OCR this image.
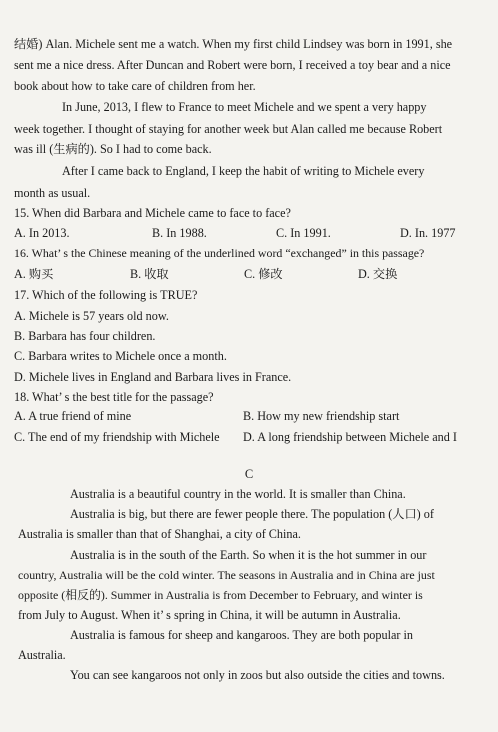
结婚) Alan. Michele sent me a watch. When my first child Lindsey was born in 1991, she
sent me a nice dress. After Duncan and Robert were born, I received a toy bear and a nice
book about how to take care of children from her.
In June, 2013, I flew to France to meet Michele and we spent a very happy
week together. I thought of staying for another week but Alan called me because Robert
was ill (生病的). So I had to come back.
After I came back to England, I keep the habit of writing to Michele every
month as usual.
15. When did Barbara and Michele came to face to face?
A. In 2013.	B. In 1988.	C. In 1991.	D. In. 1977
16. What’ s the Chinese meaning of the underlined word “exchanged” in this passage?
A. 购买	B. 收取	C. 修改	D. 交换
17. Which of the following is TRUE?
A. Michele is 57 years old now.
B. Barbara has four children.
C. Barbara writes to Michele once a month.
D. Michele lives in England and Barbara lives in France.
18. What’ s the best title for the passage?
A. A true friend of mine	B. How my new friendship start
C. The end of my friendship with Michele D. A long friendship between Michele and I
C
Australia is a beautiful country in the world. It is smaller than China.
Australia is big, but there are fewer people there. The population (人口) of
Australia is smaller than that of Shanghai, a city of China.
Australia is in the south of the Earth. So when it is the hot summer in our
country, Australia will be the cold winter. The seasons in Australia and in China are just
opposite (相反的). Summer in Australia is from December to February, and winter is
from July to August. When it’ s spring in China, it will be autumn in Australia.
Australia is famous for sheep and kangaroos. They are both popular in
Australia.
You can see kangaroos not only in zoos but also outside the cities and towns.
